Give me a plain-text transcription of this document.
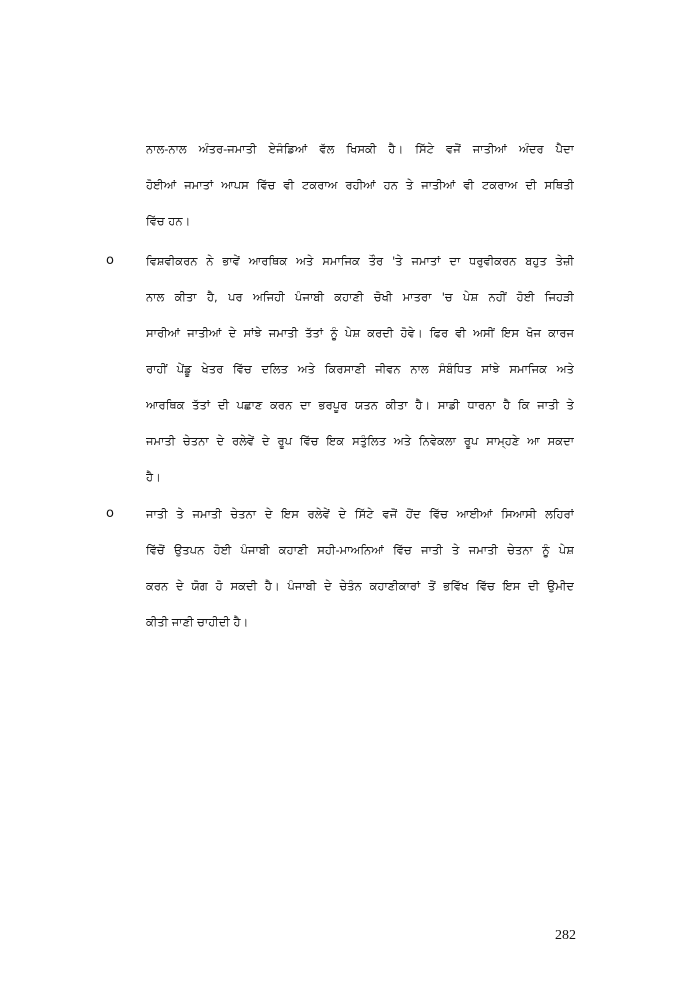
ਨਾਲ-ਨਾਲ ਅੰਤਰ-ਜਮਾਤੀ ਏਜੰਡਿਆਂ ਵੱਲ ਖਿਸਕੀ ਹੈ। ਸਿੱਟੇ ਵਜੋਂ ਜਾਤੀਆਂ ਅੰਦਰ ਪੈਦਾ
ਹੋਈਆਂ ਜਮਾਤਾਂ ਆਪਸ ਵਿੱਚ ਵੀ ਟਕਰਾਅ ਰਹੀਆਂ ਹਨ ਤੇ ਜਾਤੀਆਂ ਵੀ ਟਕਰਾਅ ਦੀ ਸਥਿਤੀ
ਵਿੱਚ ਹਨ।
o	ਵਿਸ਼ਵੀਕਰਨ ਨੇ ਭਾਵੇਂ ਆਰਥਿਕ ਅਤੇ ਸਮਾਜਿਕ ਤੌਰ 'ਤੇ ਜਮਾਤਾਂ ਦਾ ਧਰੁਵੀਕਰਨ ਬਹੁਤ ਤੇਜ਼ੀ
ਨਾਲ ਕੀਤਾ ਹੈ, ਪਰ ਅਜਿਹੀ ਪੰਜਾਬੀ ਕਹਾਣੀ ਚੋਖੀ ਮਾਤਰਾ 'ਚ ਪੇਸ਼ ਨਹੀਂ ਹੋਈ ਜਿਹੜੀ
ਸਾਰੀਆਂ ਜਾਤੀਆਂ ਦੇ ਸਾਂਝੇ ਜਮਾਤੀ ਤੱਤਾਂ ਨੂੰ ਪੇਸ਼ ਕਰਦੀ ਹੋਵੇ। ਫਿਰ ਵੀ ਅਸੀਂ ਇਸ ਖੋਜ ਕਾਰਜ
ਰਾਹੀਂ ਪੇਂਡੂ ਖੇਤਰ ਵਿੱਚ ਦਲਿਤ ਅਤੇ ਕਿਰਸਾਣੀ ਜੀਵਨ ਨਾਲ ਸੰਬੰਧਿਤ ਸਾਂਝੇ ਸਮਾਜਿਕ ਅਤੇ
ਆਰਥਿਕ ਤੱਤਾਂ ਦੀ ਪਛਾਣ ਕਰਨ ਦਾ ਭਰਪੂਰ ਯਤਨ ਕੀਤਾ ਹੈ। ਸਾਡੀ ਧਾਰਨਾ ਹੈ ਕਿ ਜਾਤੀ ਤੇ
ਜਮਾਤੀ ਚੇਤਨਾ ਦੇ ਰਲੇਵੇਂ ਦੇ ਰੂਪ ਵਿੱਚ ਇਕ ਸਤੁੰਲਿਤ ਅਤੇ ਨਿਵੇਕਲਾ ਰੂਪ ਸਾਮ੍ਹਣੇ ਆ ਸਕਦਾ
ਹੈ।
o	ਜਾਤੀ ਤੇ ਜਮਾਤੀ ਚੇਤਨਾ ਦੇ ਇਸ ਰਲੇਵੇਂ ਦੇ ਸਿੱਟੇ ਵਜੋਂ ਹੋਂਦ ਵਿੱਚ ਆਈਆਂ ਸਿਆਸੀ ਲਹਿਰਾਂ
ਵਿੱਚੋਂ ਉਤਪਨ ਹੋਈ ਪੰਜਾਬੀ ਕਹਾਣੀ ਸਹੀ-ਮਾਅਨਿਆਂ ਵਿੱਚ ਜਾਤੀ ਤੇ ਜਮਾਤੀ ਚੇਤਨਾ ਨੂੰ ਪੇਸ਼
ਕਰਨ ਦੇ ਯੋਗ ਹੋ ਸਕਦੀ ਹੈ। ਪੰਜਾਬੀ ਦੇ ਚੇਤੰਨ ਕਹਾਣੀਕਾਰਾਂ ਤੋਂ ਭਵਿੱਖ ਵਿੱਚ ਇਸ ਦੀ ਉਮੀਦ
ਕੀਤੀ ਜਾਣੀ ਚਾਹੀਦੀ ਹੈ।
282
